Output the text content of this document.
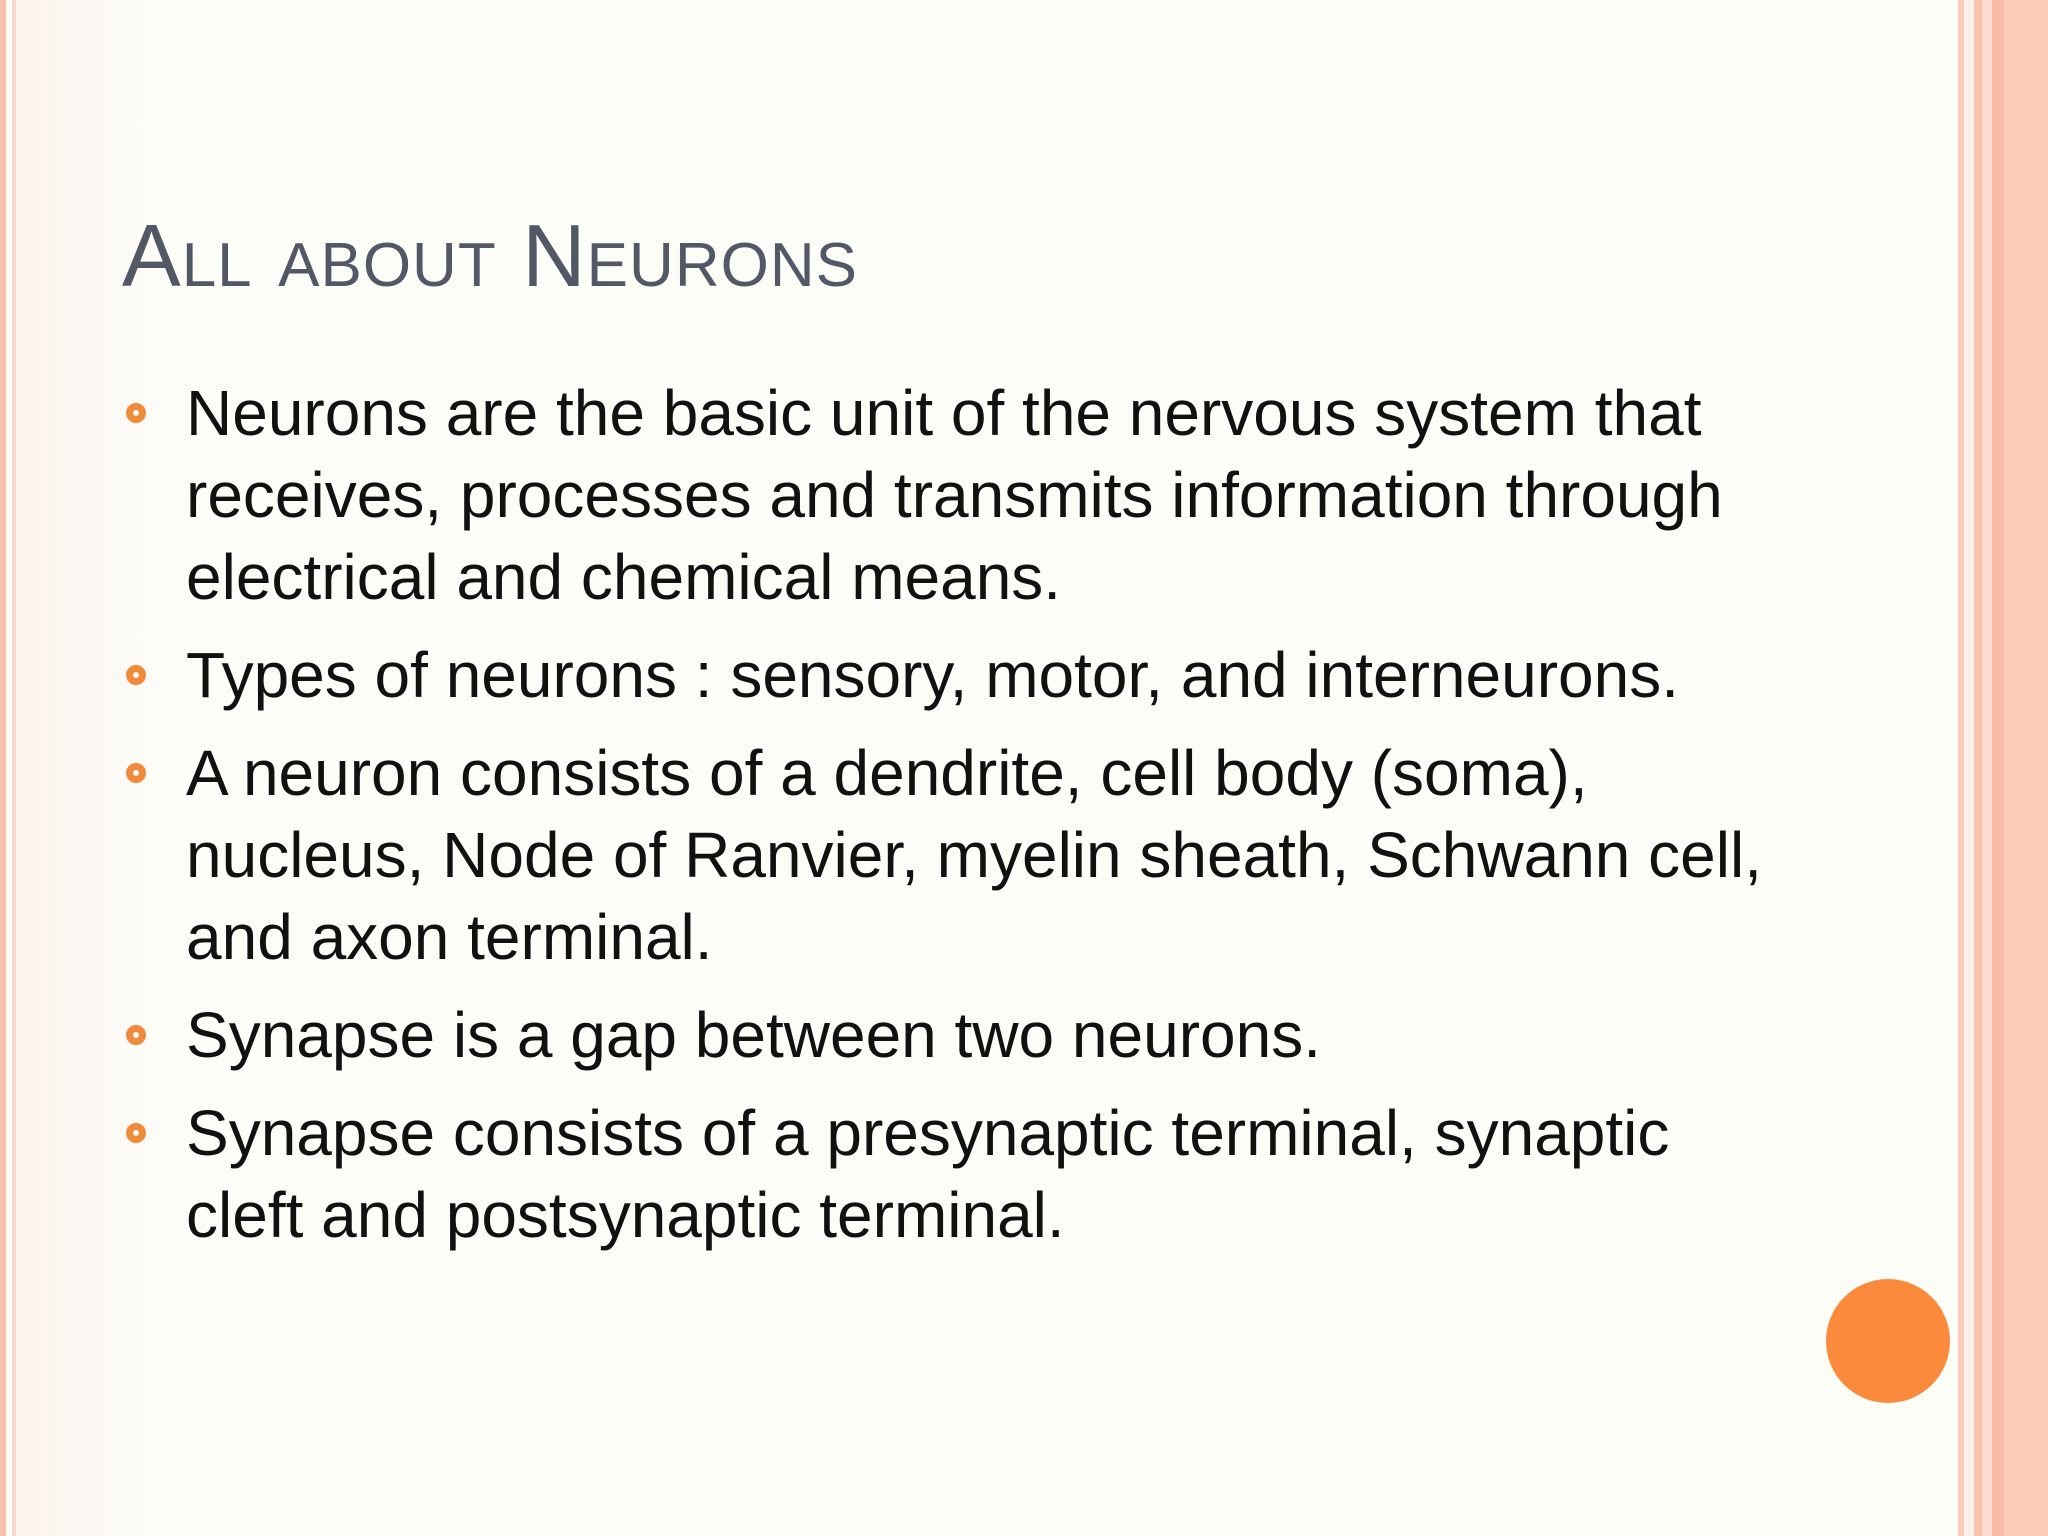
All about Neurons
Neurons are the basic unit of the nervous system that receives, processes and transmits information through electrical and chemical means.
Types of neurons : sensory, motor, and interneurons.
A neuron consists of a dendrite, cell body (soma), nucleus, Node of Ranvier, myelin sheath, Schwann cell, and axon terminal.
Synapse is a gap between two neurons.
Synapse consists of a presynaptic terminal, synaptic cleft and postsynaptic terminal.
